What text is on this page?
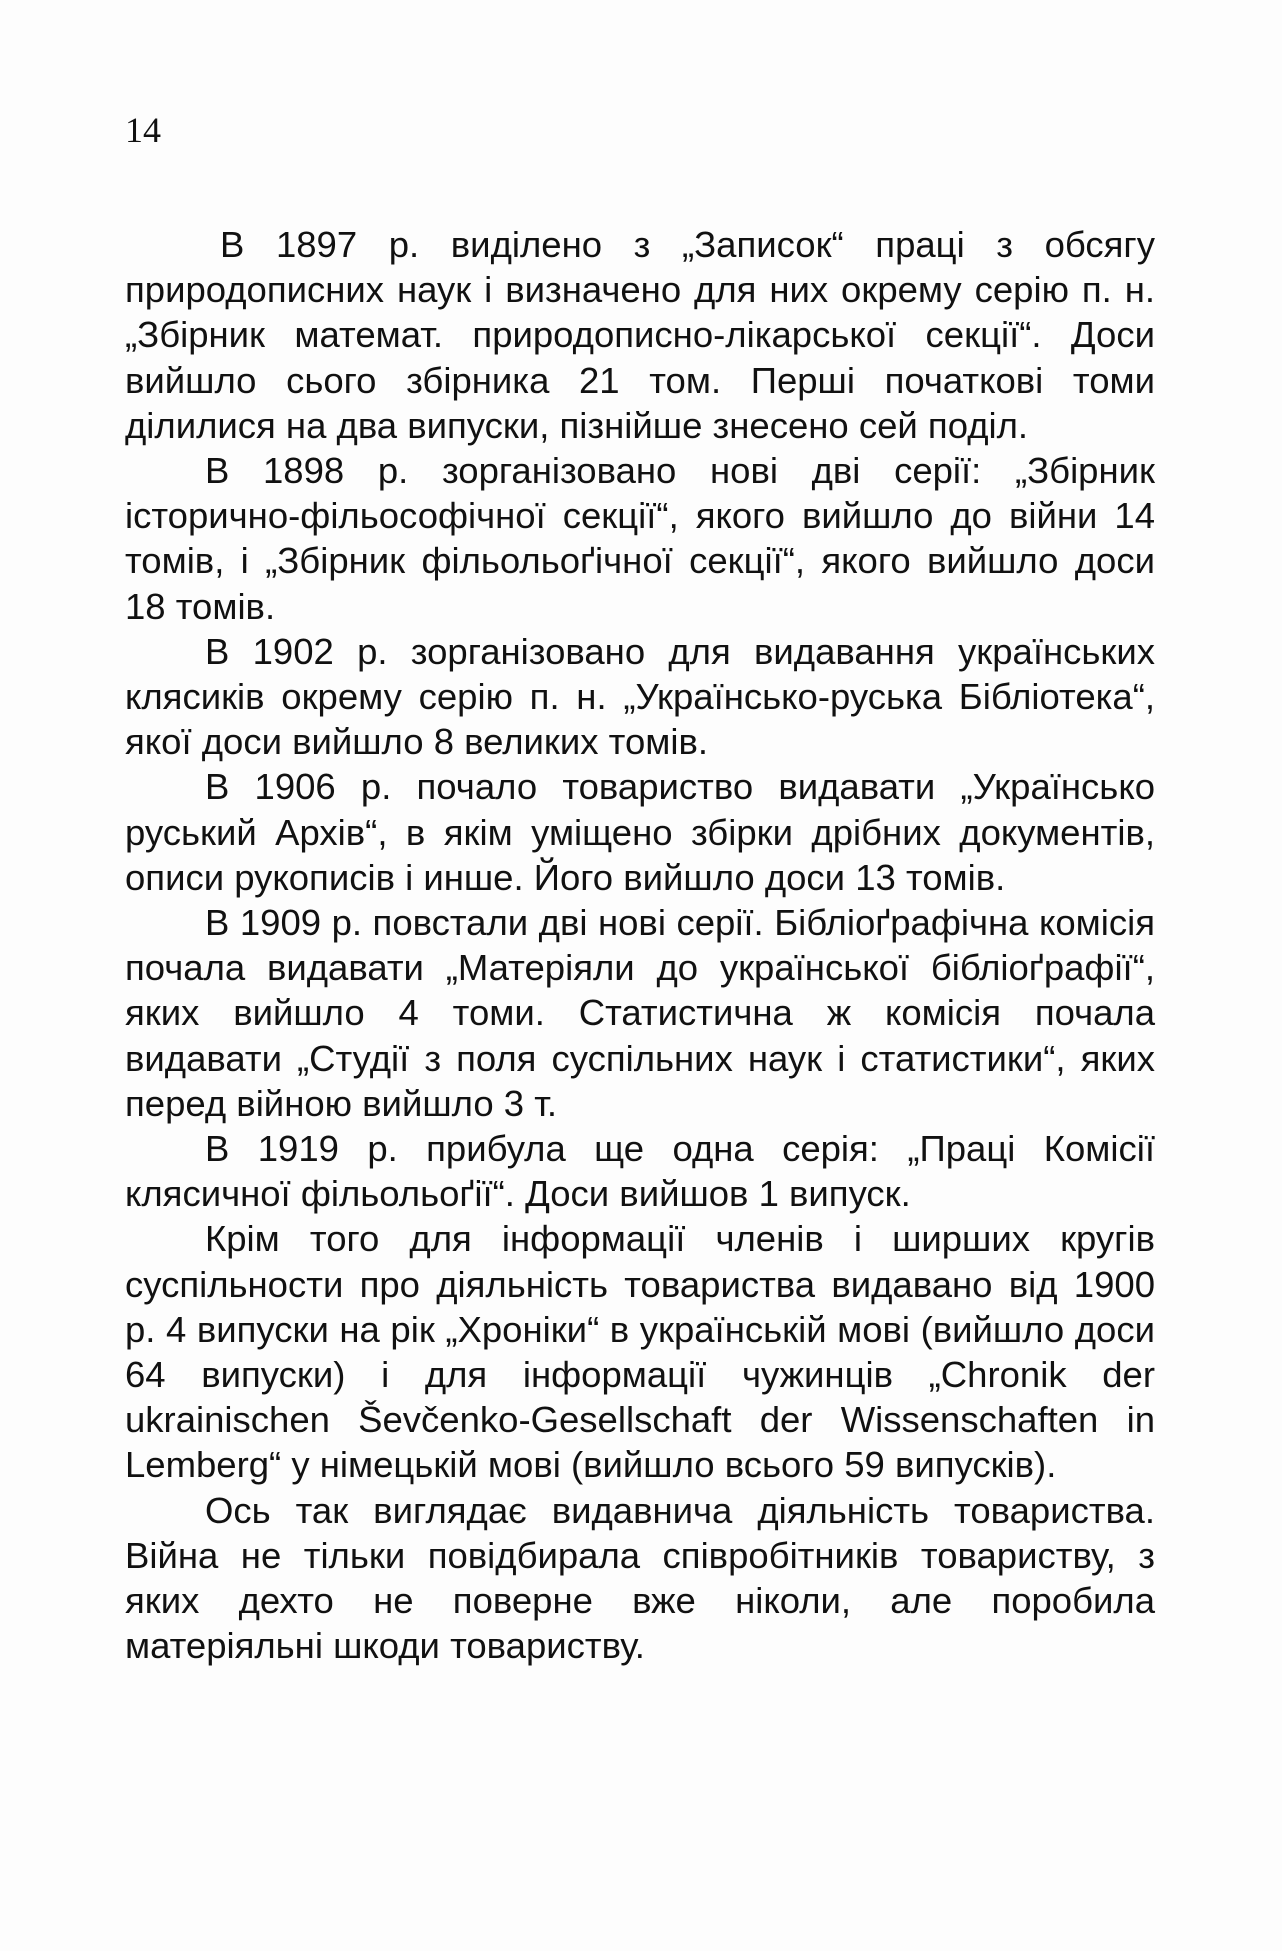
14

В 1897 р. виділено з „Записок“ праці з обсягу природописних наук і визначено для них окрему серію п. н. „Збірник математ. природописно-лікарської секції“. Доси вийшло сього збірника 21 том. Перші початкові томи ділилися на два випуски, пізнійше знесено сей поділ.

В 1898 р. зорганізовано нові дві серії: „Збірник історично-фільософічної секції“, якого вийшло до війни 14 томів, і „Збірник фільольоґічної секції“, якого вийшло доси 18 томів.

В 1902 р. зорганізовано для видавання українських клясиків окрему серію п. н. „Українсько-руська Бібліотека“, якої доси вийшло 8 великих томів.

В 1906 р. почало товариство видавати „Українсько руський Архів“, в якім уміщено збірки дрібних документів, описи рукописів і инше. Його вийшло доси 13 томів.

В 1909 р. повстали дві нові серії. Бібліоґрафічна комісія почала видавати „Матеріяли до української бібліоґрафії“, яких вийшло 4 томи. Статистична ж комісія почала видавати „Студії з поля суспільних наук і статистики“, яких перед війною вийшло 3 т.

В 1919 р. прибула ще одна серія: „Праці Комісії клясичної фільольоґії“. Доси вийшов 1 випуск.

Крім того для інформації членів і ширших кругів суспільности про діяльність товариства видавано від 1900 р. 4 випуски на рік „Хроніки“ в українській мові (вийшло доси 64 випуски) і для інформації чужинців „Chronik der ukrainischen Ševčenko-Gesellschaft der Wissenschaften in Lemberg“ у німецькій мові (вийшло всього 59 випусків).

Ось так виглядає видавнича діяльність товариства. Війна не тільки повідбирала співробітників товариству, з яких дехто не поверне вже ніколи, але поробила матеріяльні шкоди товариству.
